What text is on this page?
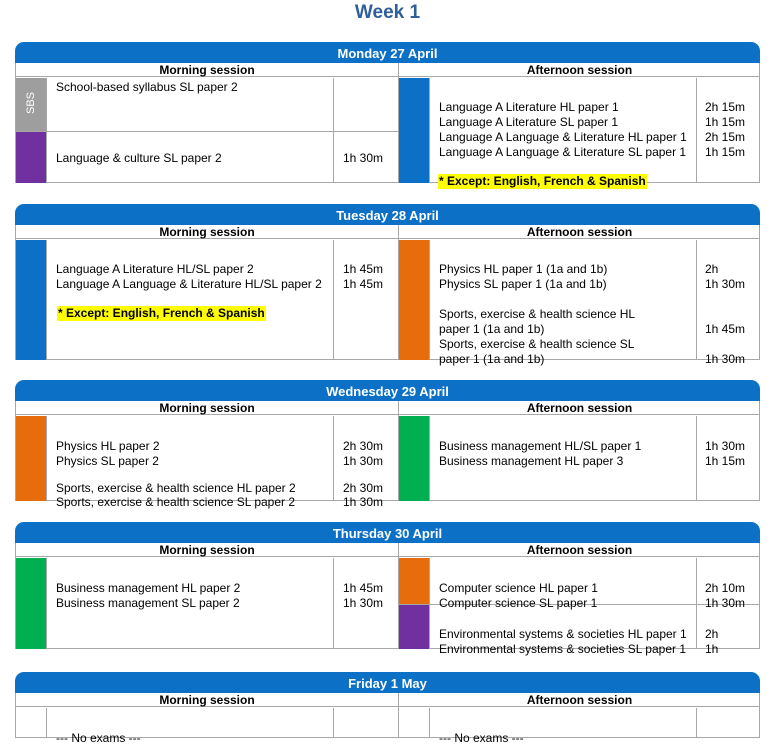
Week 1
Monday 27 April
Morning session	Afternoon session
SBS
School-based syllabus SL paper 2
Language & culture SL paper 2	1h 30m
Language A Literature HL paper 1	2h 15m
Language A Literature SL paper 1	1h 15m
Language A Language & Literature HL paper 1 2h 15m
Language A Language & Literature SL paper 1 1h 15m
* Except: English, French & Spanish
Tuesday 28 April
Morning session	Afternoon session
Language A Literature HL/SL paper 2	1h 45m
Language A Language & Literature HL/SL paper 2 1h 45m
* Except: English, French & Spanish
Physics HL paper 1 (1a and 1b)	2h
Physics SL paper 1 (1a and 1b)	1h 30m
Sports, exercise & health science HL
paper 1 (1a and 1b)	1h 45m
Sports, exercise & health science SL
paper 1 (1a and 1b)	1h 30m
Wednesday 29 April
Morning session	Afternoon session
Physics HL paper 2	2h 30m
Physics SL paper 2	1h 30m
Sports, exercise & health science HL paper 2	2h 30m
Sports, exercise & health science SL paper 2	1h 30m
Business management HL/SL paper 1	1h 30m
Business management HL paper 3	1h 15m
Thursday 30 April
Morning session	Afternoon session
Business management HL paper 2	1h 45m
Business management SL paper 2	1h 30m
Computer science HL paper 1	2h 10m
Computer science SL paper 1	1h 30m
Environmental systems & societies HL paper 1 2h
Environmental systems & societies SL paper 1 1h
Friday 1 May
Morning session	Afternoon session
--- No exams ---	--- No exams ---
